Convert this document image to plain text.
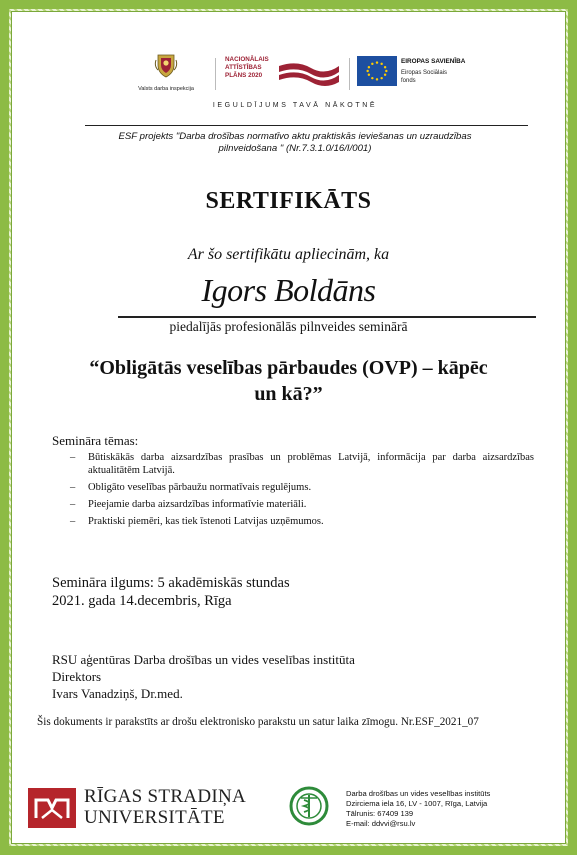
Valsts darba inspekcija
NACIONĀLAIS
ATTĪSTĪBAS
PLĀNS 2020
EIROPAS SAVIENĪBA
Eiropas Sociālais
fonds
IEGULDĪJUMS TAVĀ NĀKOTNĒ
ESF projekts "Darba drošības normatīvo aktu praktiskās ieviešanas un uzraudzības
pilnveidošana " (Nr.7.3.1.0/16/I/001)
SERTIFIKĀTS
Ar šo sertifikātu apliecinām, ka
Igors Boldāns
piedalījās profesionālās pilnveides seminārā
“Obligātās veselības pārbaudes (OVP) – kāpēc
un kā?”
Semināra tēmas:
– Būtiskākās darba aizsardzības prasības un problēmas Latvijā, informācija par darba aizsardzības aktualitātēm Latvijā.
– Obligāto veselības pārbaužu normatīvais regulējums.
– Pieejamie darba aizsardzības informatīvie materiāli.
– Praktiski piemēri, kas tiek īstenoti Latvijas uzņēmumos.
Semināra ilgums: 5 akadēmiskās stundas
2021. gada 14.decembris, Rīga
RSU aģentūras Darba drošības un vides veselības institūta
Direktors
Ivars Vanadziņš, Dr.med.
Šis dokuments ir parakstīts ar drošu elektronisko parakstu un satur laika zīmogu. Nr.ESF_2021_07
RĪGAS STRADIŅA
UNIVERSITĀTE
Darba drošības un vides veselības institūts
Dzirciema iela 16, LV - 1007, Rīga, Latvija
Tālrunis: 67409 139
E-mail: ddvvi@rsu.lv
